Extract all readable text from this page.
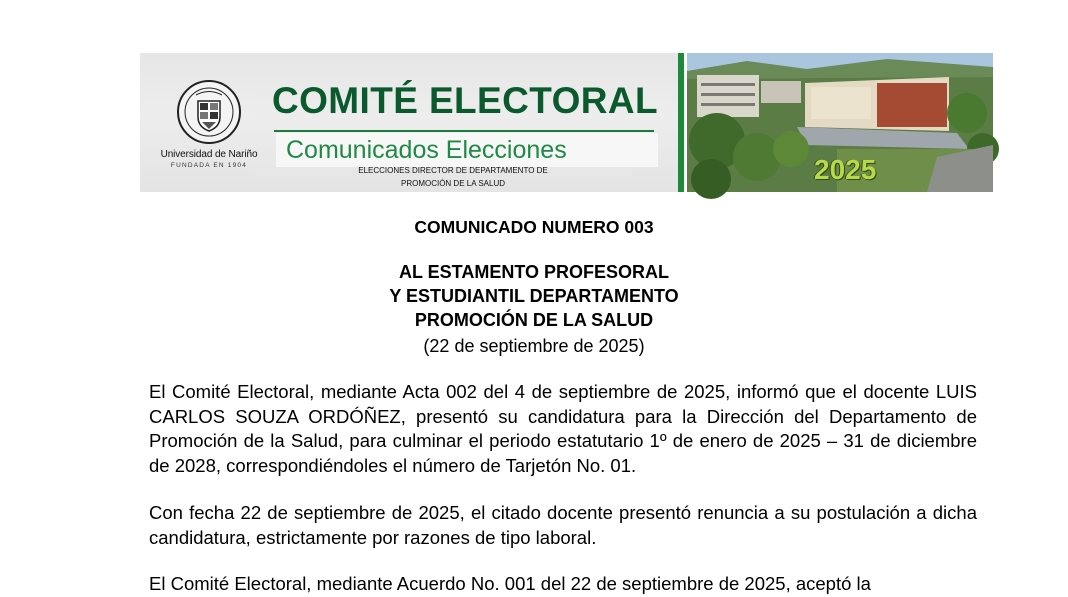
Universidad de Nariño
FUNDADA EN 1904
COMITÉ ELECTORAL
Comunicados Elecciones
ELECCIONES DIRECTOR DE DEPARTAMENTO DE
PROMOCIÓN DE LA SALUD	2025
COMUNICADO NUMERO 003
AL ESTAMENTO PROFESORAL
Y ESTUDIANTIL DEPARTAMENTO
PROMOCIÓN DE LA SALUD
(22 de septiembre de 2025)

El Comité Electoral, mediante Acta 002 del 4 de septiembre de 2025, informó que el docente LUIS CARLOS SOUZA ORDÓÑEZ, presentó su candidatura para la Dirección del Departamento de Promoción de la Salud, para culminar el periodo estatutario 1º de enero de 2025 – 31 de diciembre de 2028, correspondiéndoles el número de Tarjetón No. 01.

Con fecha 22 de septiembre de 2025, el citado docente presentó renuncia a su postulación a dicha candidatura, estrictamente por razones de tipo laboral.

El Comité Electoral, mediante Acuerdo No. 001 del 22 de septiembre de 2025, aceptó la
